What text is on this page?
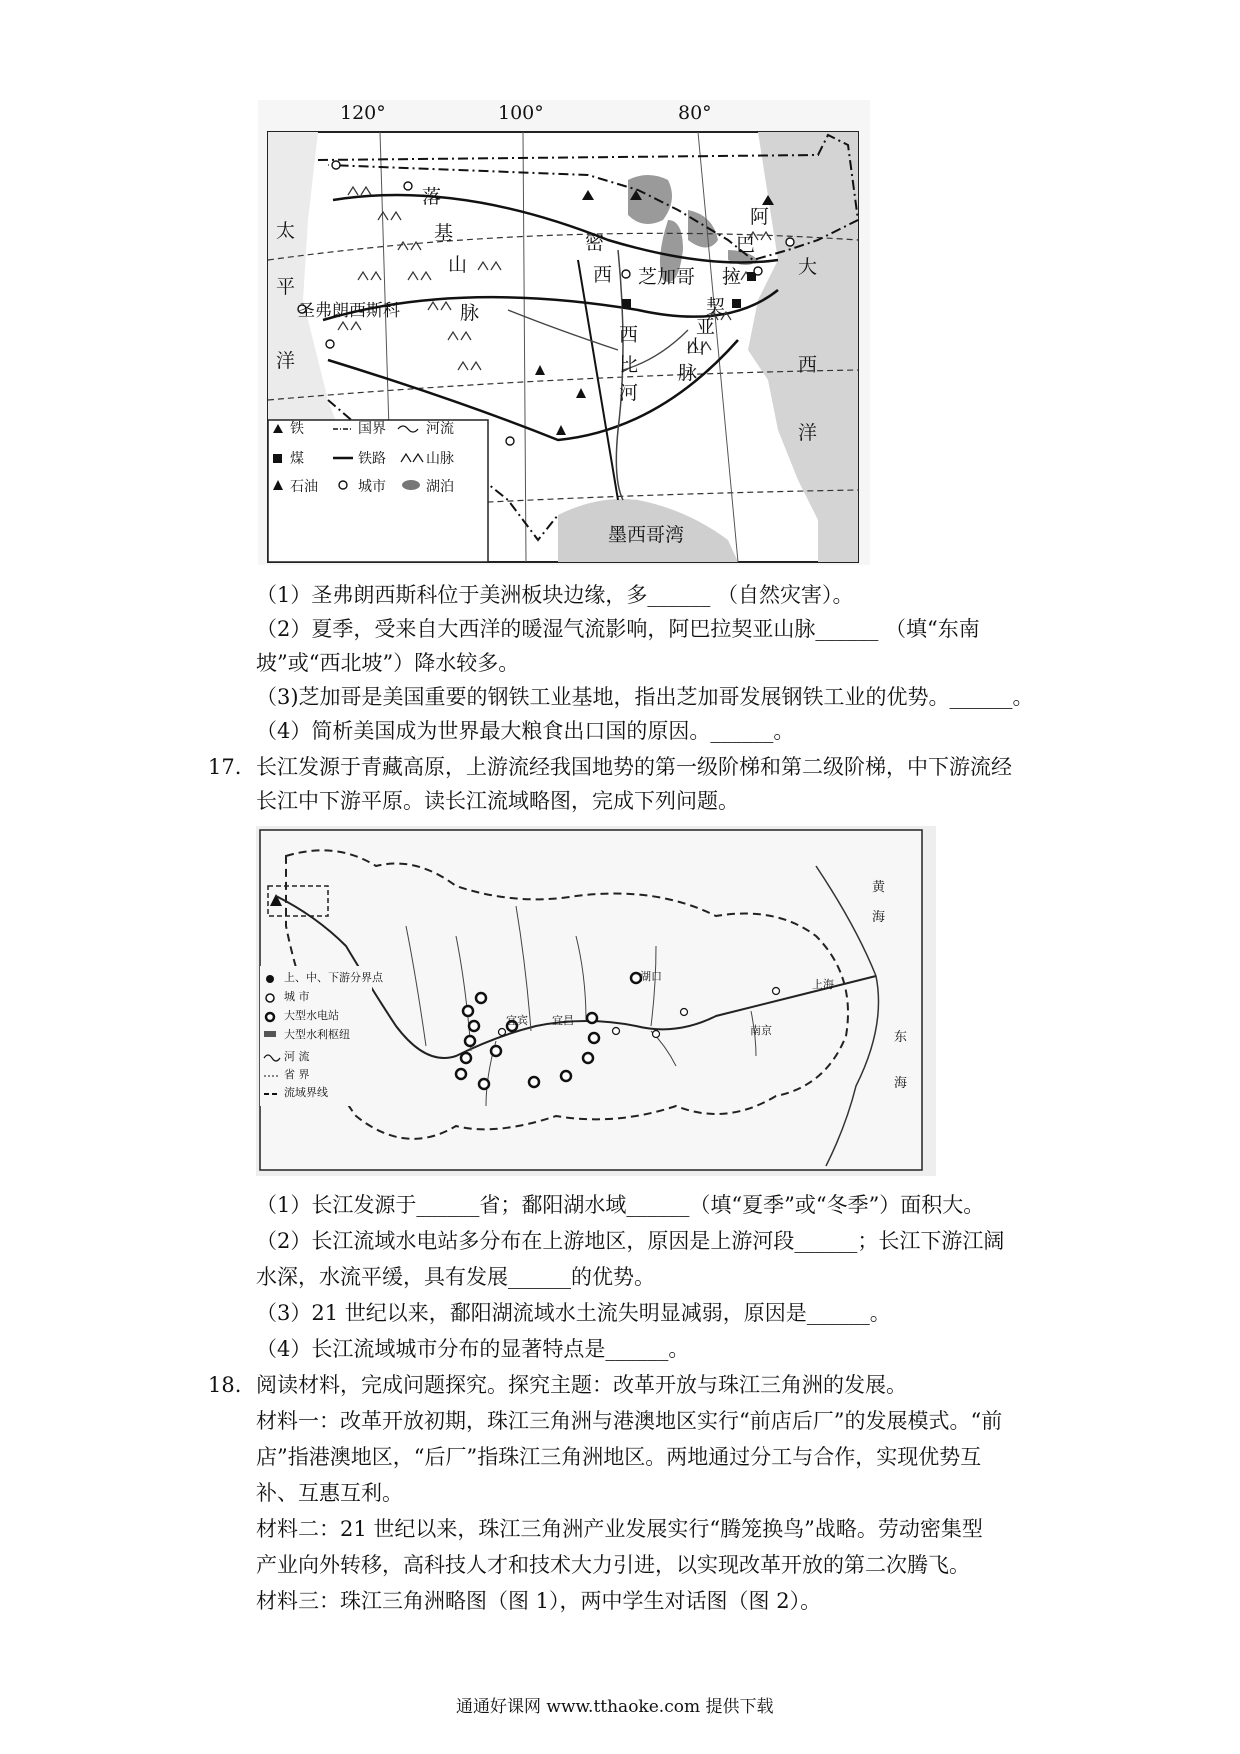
120°	100°	80°
太
平
洋
落
基
山
脉
密
西
西
比
河
芝加哥
阿
巴
拉
契
亚
山
脉
大
西
洋
圣弗朗西斯科
墨西哥湾
铁	国界	河流
煤	铁路	山脉
石油	城市	湖泊
（1）圣弗朗西斯科位于美洲板块边缘，多______ （自然灾害）。
（2）夏季，受来自大西洋的暖湿气流影响，阿巴拉契亚山脉______ （填“东南
坡”或“西北坡”）降水较多。
（3)芝加哥是美国重要的钢铁工业基地，指出芝加哥发展钢铁工业的优势。______。
（4）简析美国成为世界最大粮食出口国的原因。______。
17. 长江发源于青藏高原，上游流经我国地势的第一级阶梯和第二级阶梯，中下游流经
长江中下游平原。读长江流域略图，完成下列问题。
上、中、下游分界点
城 市
大型水电站
大型水利枢纽
河 流
省 界
流域界线
宜宾 宜昌
湖口
南京
上海
东
海
黄
海
（1）长江发源于______省；鄱阳湖水域______（填“夏季”或“冬季”）面积大。
（2）长江流域水电站多分布在上游地区，原因是上游河段______；长江下游江阔
水深，水流平缓，具有发展______的优势。
（3）21 世纪以来，鄱阳湖流域水土流失明显减弱，原因是______。
（4）长江流域城市分布的显著特点是______。
18. 阅读材料，完成问题探究。探究主题：改革开放与珠江三角洲的发展。
材料一：改革开放初期，珠江三角洲与港澳地区实行“前店后厂”的发展模式。“前
店”指港澳地区，“后厂”指珠江三角洲地区。两地通过分工与合作，实现优势互
补、互惠互利。
材料二：21 世纪以来，珠江三角洲产业发展实行“腾笼换鸟”战略。劳动密集型
产业向外转移，高科技人才和技术大力引进，以实现改革开放的第二次腾飞。
材料三：珠江三角洲略图（图 1），两中学生对话图（图 2）。
通通好课网 www.tthaoke.com 提供下载
